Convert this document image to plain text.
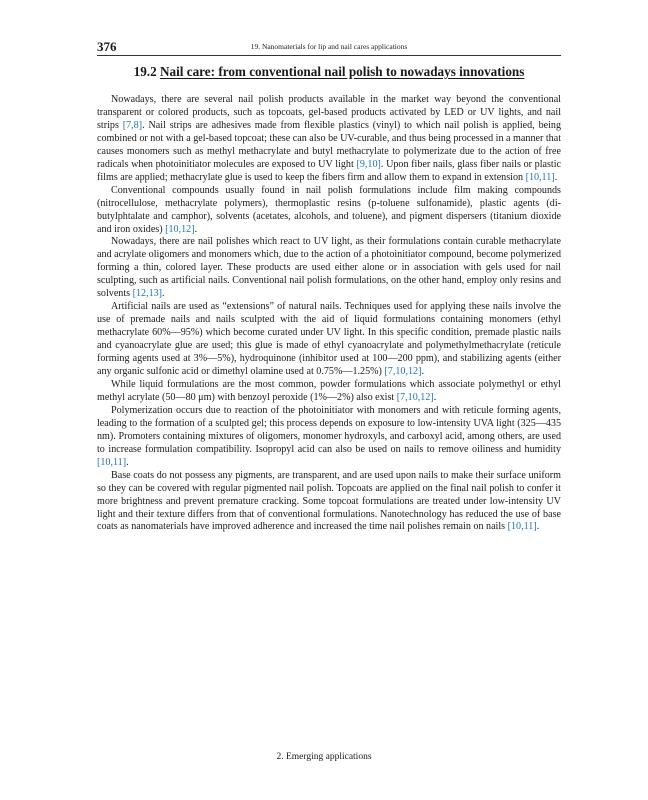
376	19. Nanomaterials for lip and nail cares applications
19.2 Nail care: from conventional nail polish to nowadays innovations

Nowadays, there are several nail polish products available in the market way beyond the conventional transparent or colored products, such as topcoats, gel-based products activated by LED or UV lights, and nail strips [7,8]. Nail strips are adhesives made from flexible plastics (vinyl) to which nail polish is applied, being combined or not with a gel-based topcoat; these can also be UV-curable, and thus being processed in a manner that causes monomers such as methyl methacrylate and butyl methacrylate to polymerizate due to the action of free radicals when photoinitiator molecules are exposed to UV light [9,10]. Upon fiber nails, glass fiber nails or plastic films are applied; methacrylate glue is used to keep the fibers firm and allow them to expand in extension [10,11].

Conventional compounds usually found in nail polish formulations include film making compounds (nitrocellulose, methacrylate polymers), thermoplastic resins (p-toluene sulfonamide), plastic agents (di-butylphtalate and camphor), solvents (acetates, alcohols, and toluene), and pigment dispersers (titanium dioxide and iron oxides) [10,12].

Nowadays, there are nail polishes which react to UV light, as their formulations contain curable methacrylate and acrylate oligomers and monomers which, due to the action of a photoinitiator compound, become polymerized forming a thin, colored layer. These products are used either alone or in association with gels used for nail sculpting, such as artificial nails. Conventional nail polish formulations, on the other hand, employ only resins and solvents [12,13].

Artificial nails are used as “extensions” of natural nails. Techniques used for applying these nails involve the use of premade nails and nails sculpted with the aid of liquid formulations containing monomers (ethyl methacrylate 60%—95%) which become curated under UV light. In this specific condition, premade plastic nails and cyanoacrylate glue are used; this glue is made of ethyl cyanoacrylate and polymethylmethacrylate (reticule forming agents used at 3%—5%), hydroquinone (inhibitor used at 100—200 ppm), and stabilizing agents (either any organic sulfonic acid or dimethyl olamine used at 0.75%—1.25%) [7,10,12].

While liquid formulations are the most common, powder formulations which associate polymethyl or ethyl methyl acrylate (50—80 μm) with benzoyl peroxide (1%—2%) also exist [7,10,12].

Polymerization occurs due to reaction of the photoinitiator with monomers and with reticule forming agents, leading to the formation of a sculpted gel; this process depends on exposure to low-intensity UVA light (325—435 nm). Promoters containing mixtures of oligomers, monomer hydroxyls, and carboxyl acid, among others, are used to increase formulation compatibility. Isopropyl acid can also be used on nails to remove oiliness and humidity [10,11].

Base coats do not possess any pigments, are transparent, and are used upon nails to make their surface uniform so they can be covered with regular pigmented nail polish. Topcoats are applied on the final nail polish to confer it more brightness and prevent premature cracking. Some topcoat formulations are treated under low-intensity UV light and their texture differs from that of conventional formulations. Nanotechnology has reduced the use of base coats as nanomaterials have improved adherence and increased the time nail polishes remain on nails [10,11].

2. Emerging applications
